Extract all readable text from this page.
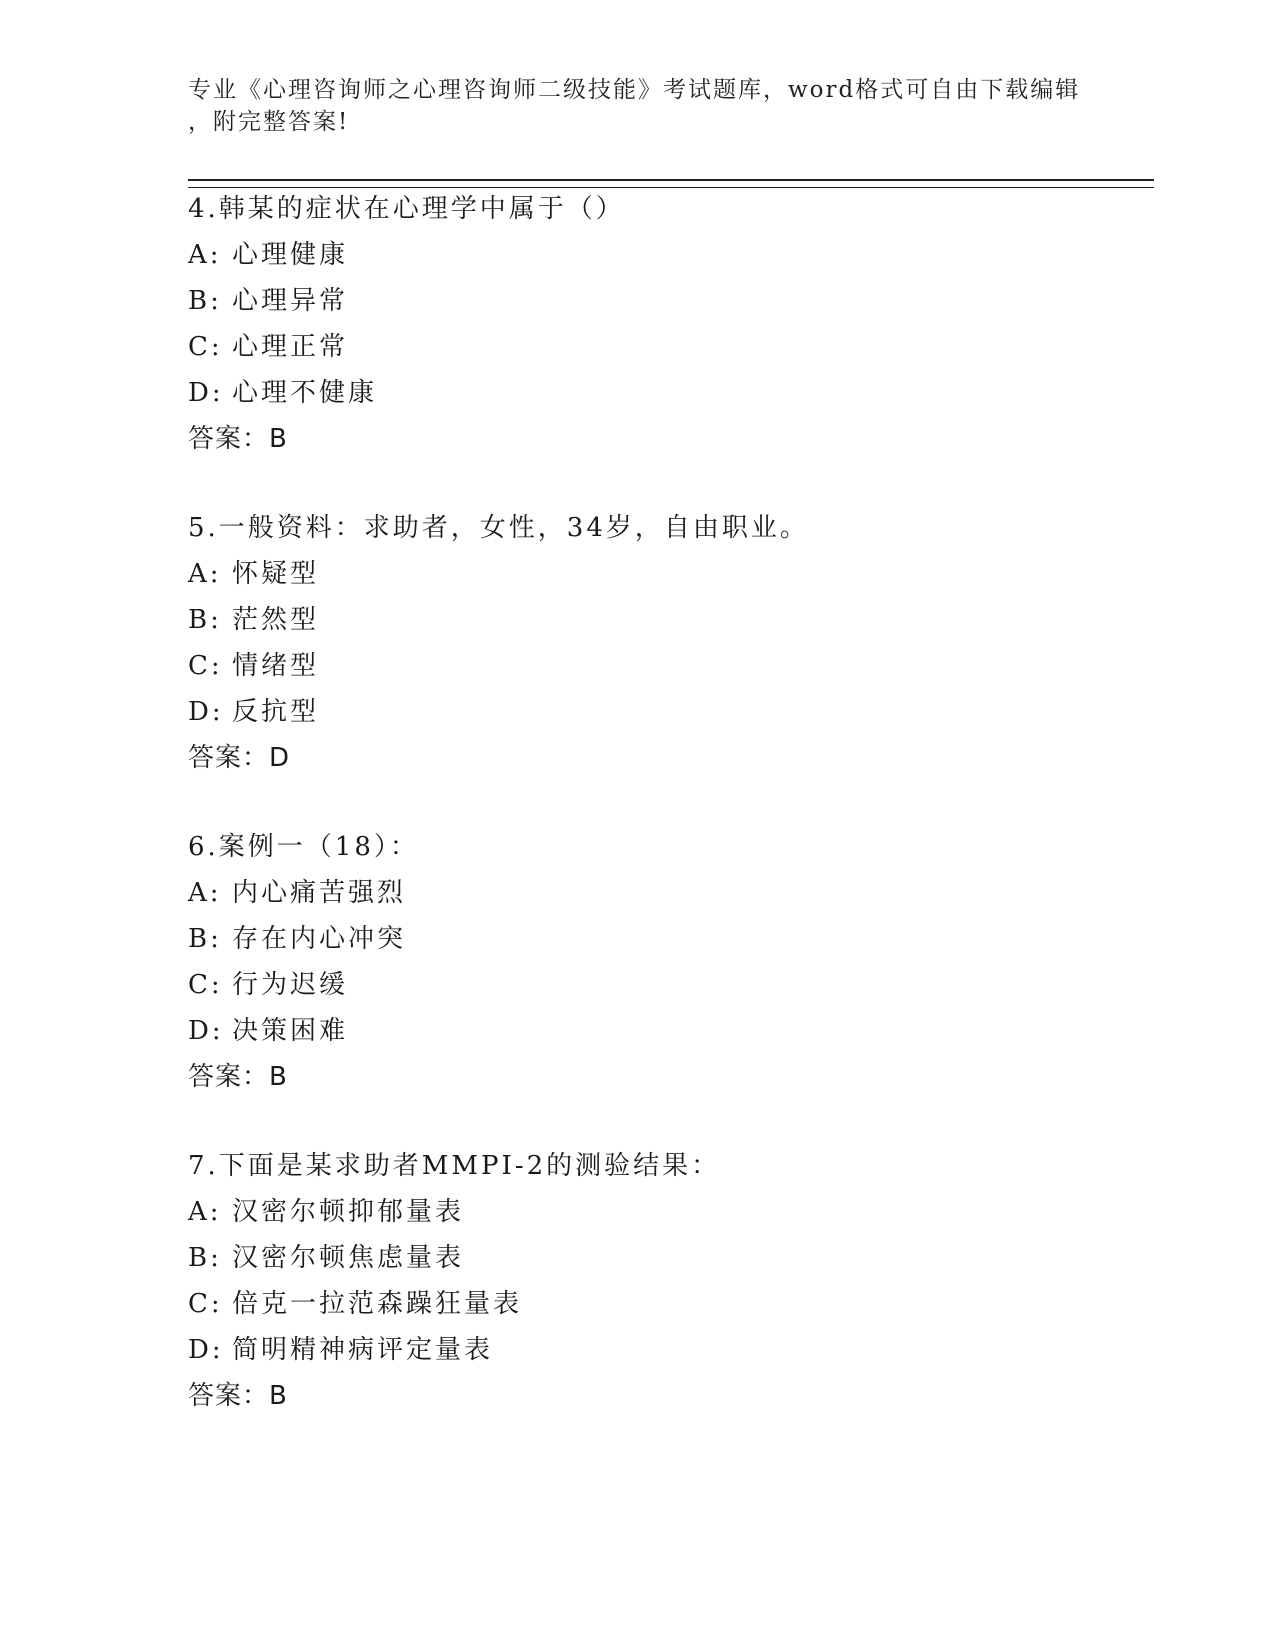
专业《心理咨询师之心理咨询师二级技能》考试题库，word格式可自由下载编辑
，附完整答案!
4.韩某的症状在心理学中属于（）
A: 心理健康
B: 心理异常
C: 心理正常
D: 心理不健康
答案：B
5.一般资料：求助者，女性，34岁，自由职业。
A: 怀疑型
B: 茫然型
C: 情绪型
D: 反抗型
答案：D
6.案例一（18）：
A: 内心痛苦强烈
B: 存在内心冲突
C: 行为迟缓
D: 决策困难
答案：B
7.下面是某求助者MMPI-2的测验结果：
A: 汉密尔顿抑郁量表
B: 汉密尔顿焦虑量表
C: 倍克一拉范森躁狂量表
D: 简明精神病评定量表
答案：B
